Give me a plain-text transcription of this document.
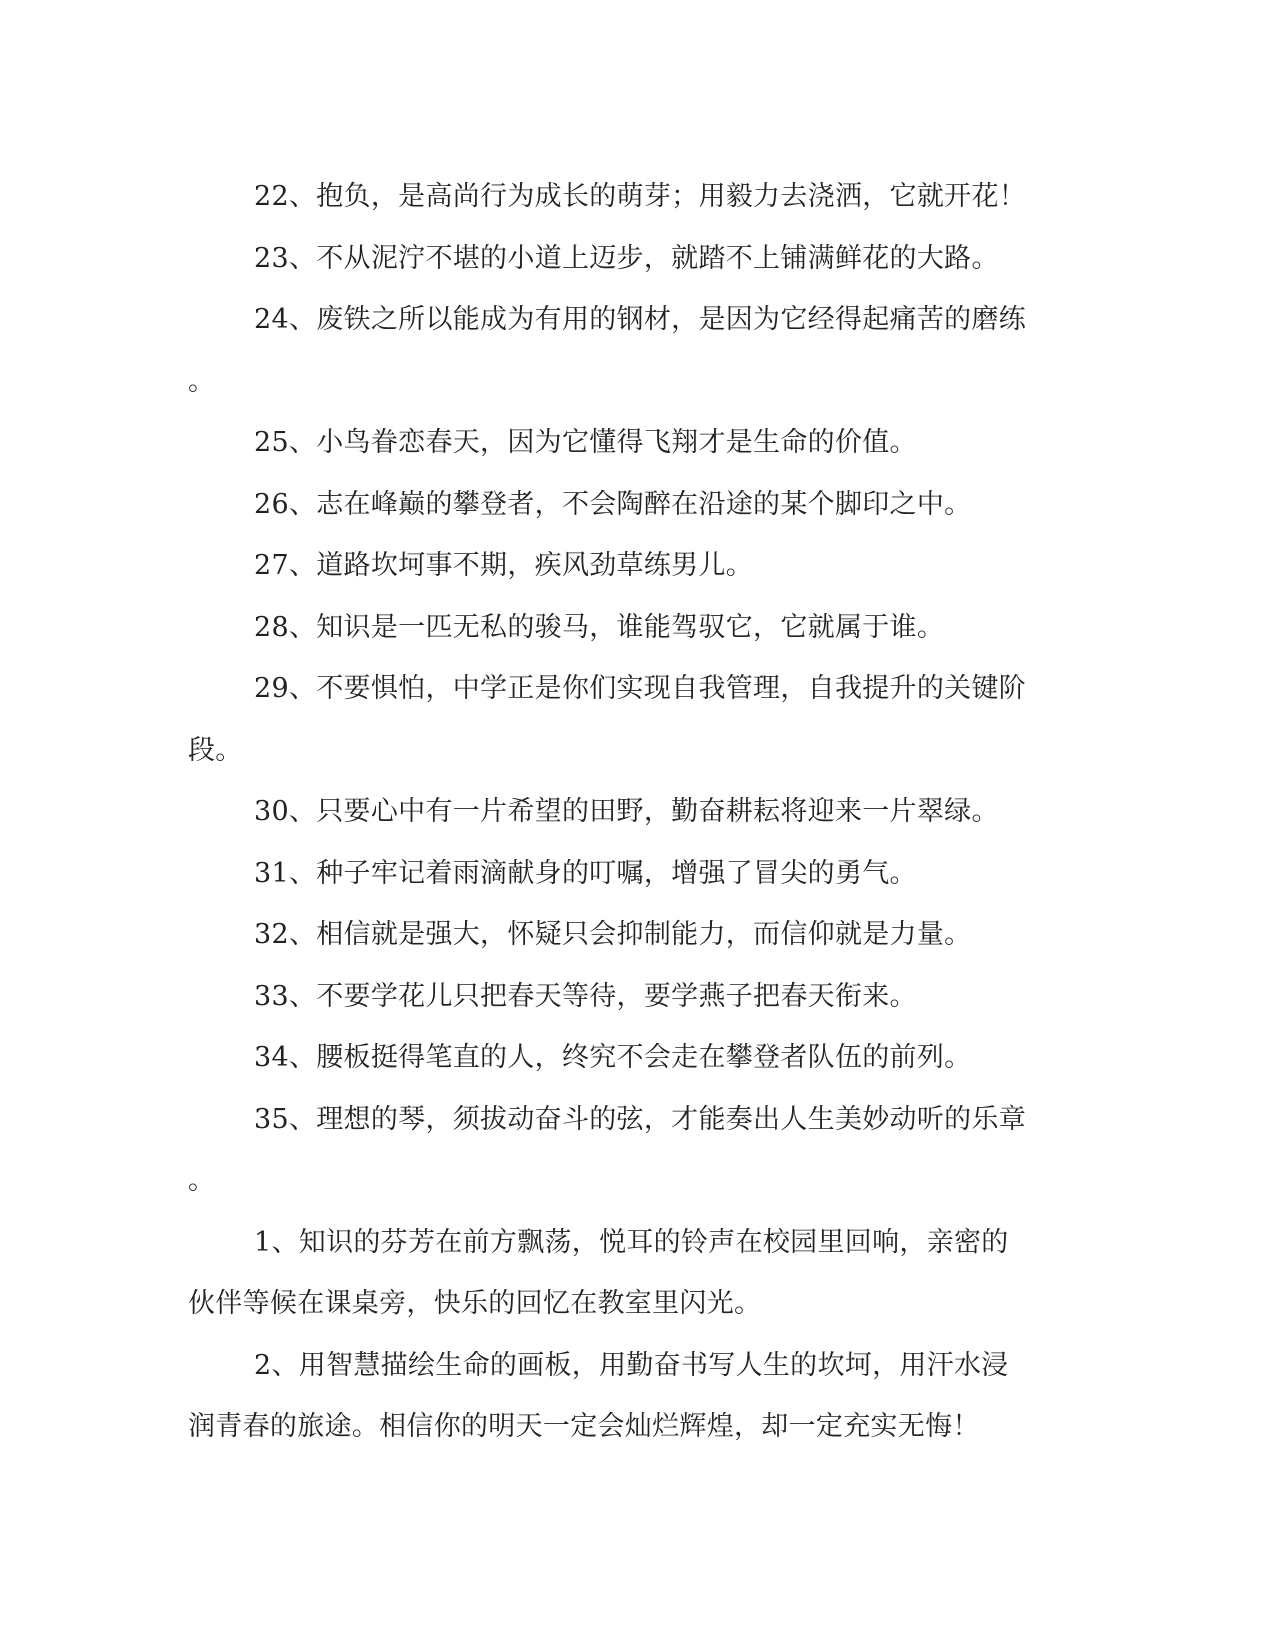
22、抱负，是高尚行为成长的萌芽；用毅力去浇洒，它就开花！

23、不从泥泞不堪的小道上迈步，就踏不上铺满鲜花的大路。

24、废铁之所以能成为有用的钢材，是因为它经得起痛苦的磨练
。

25、小鸟眷恋春天，因为它懂得飞翔才是生命的价值。

26、志在峰巅的攀登者，不会陶醉在沿途的某个脚印之中。

27、道路坎坷事不期，疾风劲草练男儿。

28、知识是一匹无私的骏马，谁能驾驭它，它就属于谁。

29、不要惧怕，中学正是你们实现自我管理，自我提升的关键阶
段。

30、只要心中有一片希望的田野，勤奋耕耘将迎来一片翠绿。

31、种子牢记着雨滴献身的叮嘱，增强了冒尖的勇气。

32、相信就是强大，怀疑只会抑制能力，而信仰就是力量。

33、不要学花儿只把春天等待，要学燕子把春天衔来。

34、腰板挺得笔直的人，终究不会走在攀登者队伍的前列。

35、理想的琴，须拔动奋斗的弦，才能奏出人生美妙动听的乐章
。

1、知识的芬芳在前方飘荡，悦耳的铃声在校园里回响，亲密的
伙伴等候在课桌旁，快乐的回忆在教室里闪光。

2、用智慧描绘生命的画板，用勤奋书写人生的坎坷，用汗水浸
润青春的旅途。相信你的明天一定会灿烂辉煌，却一定充实无悔！
